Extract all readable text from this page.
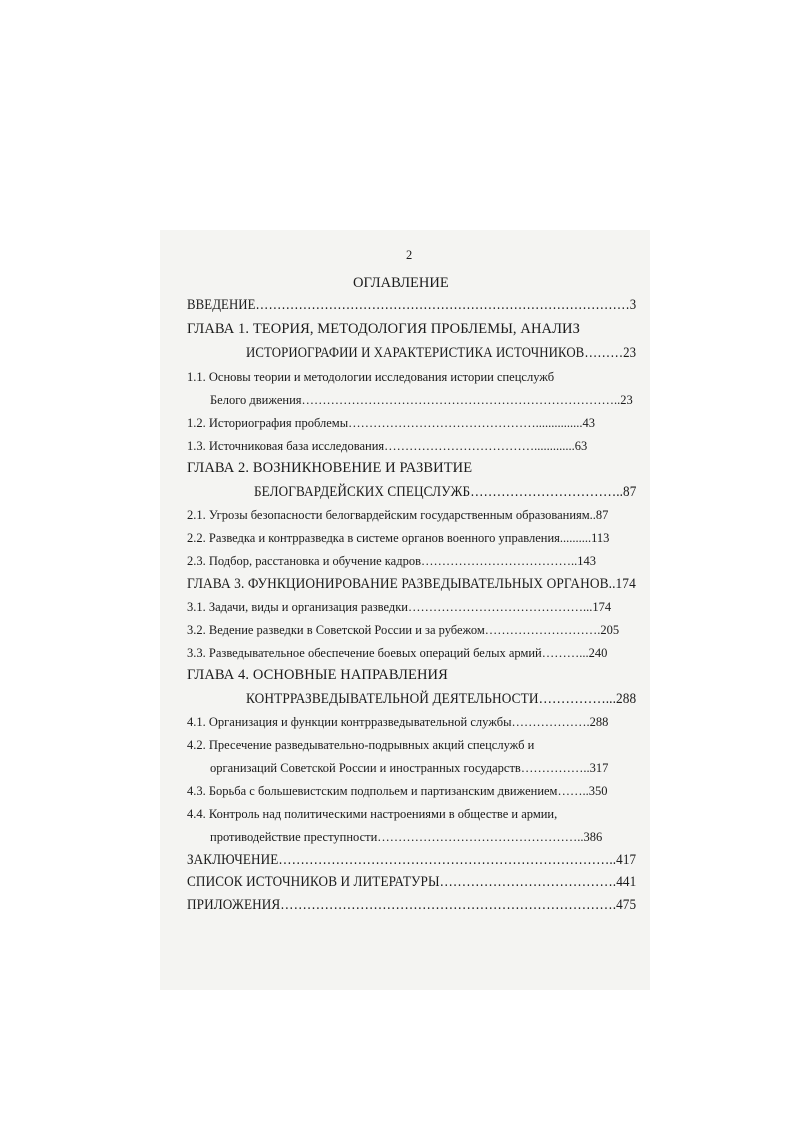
2
ОГЛАВЛЕНИЕ
ВВЕДЕНИЕ……………………………………………………………………………3
ГЛАВА 1. ТЕОРИЯ, МЕТОДОЛОГИЯ ПРОБЛЕМЫ, АНАЛИЗ
ИСТОРИОГРАФИИ И ХАРАКТЕРИСТИКА ИСТОЧНИКОВ………23
1.1. Основы теории и методологии исследования истории спецслужб
Белого движения…………………………………………………………………..23
1.2. Историография проблемы………………………………………...............43
1.3. Источниковая база исследования……………………………….............63
ГЛАВА 2. ВОЗНИКНОВЕНИЕ И РАЗВИТИЕ
БЕЛОГВАРДЕЙСКИХ СПЕЦСЛУЖБ……………………………..87
2.1. Угрозы безопасности белогвардейским государственным образованиям..87
2.2. Разведка и контрразведка в системе органов военного управления..........113
2.3. Подбор, расстановка и обучение кадров………………………………..143
ГЛАВА 3. ФУНКЦИОНИРОВАНИЕ РАЗВЕДЫВАТЕЛЬНЫХ ОРГАНОВ..174
3.1. Задачи, виды и организация разведки……………………………………...174
3.2. Ведение разведки в Советской России и за рубежом……………………….205
3.3. Разведывательное обеспечение боевых операций белых армий………...240
ГЛАВА 4. ОСНОВНЫЕ НАПРАВЛЕНИЯ
КОНТРРАЗВЕДЫВАТЕЛЬНОЙ ДЕЯТЕЛЬНОСТИ……………...288
4.1. Организация и функции контрразведывательной службы……………….288
4.2. Пресечение разведывательно-подрывных акций спецслужб и
организаций Советской России и иностранных государств……………..317
4.3. Борьба с большевистским подпольем и партизанским движением……..350
4.4. Контроль над политическими настроениями в обществе и армии,
противодействие преступности…………………………………………..386
ЗАКЛЮЧЕНИЕ…………………………………………………………………..417
СПИСОК ИСТОЧНИКОВ И ЛИТЕРАТУРЫ………………………………….441
ПРИЛОЖЕНИЯ………………………………………………………………….475
